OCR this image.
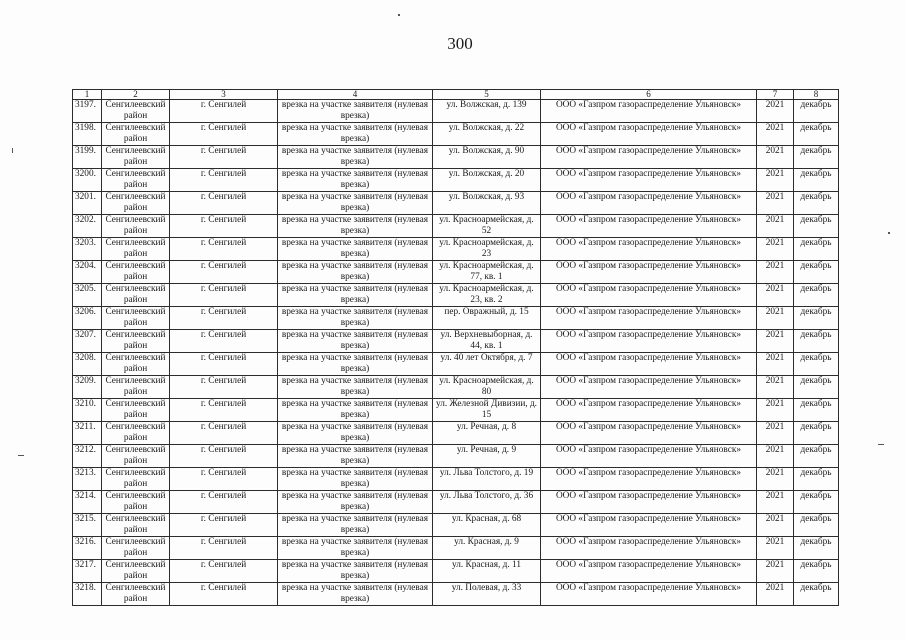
300
1	2	3	4	5	6	7	8
3197.	Сенгилеевский район	г. Сенгилей	врезка на участке заявителя (нулевая врезка)	ул. Волжская, д. 139	ООО «Газпром газораспределение Ульяновск»	2021	декабрь
3198.	Сенгилеевский район	г. Сенгилей	врезка на участке заявителя (нулевая врезка)	ул. Волжская, д. 22	ООО «Газпром газораспределение Ульяновск»	2021	декабрь
3199.	Сенгилеевский район	г. Сенгилей	врезка на участке заявителя (нулевая врезка)	ул. Волжская, д. 90	ООО «Газпром газораспределение Ульяновск»	2021	декабрь
3200.	Сенгилеевский район	г. Сенгилей	врезка на участке заявителя (нулевая врезка)	ул. Волжская, д. 20	ООО «Газпром газораспределение Ульяновск»	2021	декабрь
3201.	Сенгилеевский район	г. Сенгилей	врезка на участке заявителя (нулевая врезка)	ул. Волжская, д. 93	ООО «Газпром газораспределение Ульяновск»	2021	декабрь
3202.	Сенгилеевский район	г. Сенгилей	врезка на участке заявителя (нулевая врезка)	ул. Красноармейская, д. 52	ООО «Газпром газораспределение Ульяновск»	2021	декабрь
3203.	Сенгилеевский район	г. Сенгилей	врезка на участке заявителя (нулевая врезка)	ул. Красноармейская, д. 23	ООО «Газпром газораспределение Ульяновск»	2021	декабрь
3204.	Сенгилеевский район	г. Сенгилей	врезка на участке заявителя (нулевая врезка)	ул. Красноармейская, д. 77, кв. 1	ООО «Газпром газораспределение Ульяновск»	2021	декабрь
3205.	Сенгилеевский район	г. Сенгилей	врезка на участке заявителя (нулевая врезка)	ул. Красноармейская, д. 23, кв. 2	ООО «Газпром газораспределение Ульяновск»	2021	декабрь
3206.	Сенгилеевский район	г. Сенгилей	врезка на участке заявителя (нулевая врезка)	пер. Овражный, д. 15	ООО «Газпром газораспределение Ульяновск»	2021	декабрь
3207.	Сенгилеевский район	г. Сенгилей	врезка на участке заявителя (нулевая врезка)	ул. Верхневыборная, д. 44, кв. 1	ООО «Газпром газораспределение Ульяновск»	2021	декабрь
3208.	Сенгилеевский район	г. Сенгилей	врезка на участке заявителя (нулевая врезка)	ул. 40 лет Октября, д. 7	ООО «Газпром газораспределение Ульяновск»	2021	декабрь
3209.	Сенгилеевский район	г. Сенгилей	врезка на участке заявителя (нулевая врезка)	ул. Красноармейская, д. 80	ООО «Газпром газораспределение Ульяновск»	2021	декабрь
3210.	Сенгилеевский район	г. Сенгилей	врезка на участке заявителя (нулевая врезка)	ул. Железной Дивизии, д. 15	ООО «Газпром газораспределение Ульяновск»	2021	декабрь
3211.	Сенгилеевский район	г. Сенгилей	врезка на участке заявителя (нулевая врезка)	ул. Речная, д. 8	ООО «Газпром газораспределение Ульяновск»	2021	декабрь
3212.	Сенгилеевский район	г. Сенгилей	врезка на участке заявителя (нулевая врезка)	ул. Речная, д. 9	ООО «Газпром газораспределение Ульяновск»	2021	декабрь
3213.	Сенгилеевский район	г. Сенгилей	врезка на участке заявителя (нулевая врезка)	ул. Льва Толстого, д. 19	ООО «Газпром газораспределение Ульяновск»	2021	декабрь
3214.	Сенгилеевский район	г. Сенгилей	врезка на участке заявителя (нулевая врезка)	ул. Льва Толстого, д. 36	ООО «Газпром газораспределение Ульяновск»	2021	декабрь
3215.	Сенгилеевский район	г. Сенгилей	врезка на участке заявителя (нулевая врезка)	ул. Красная, д. 68	ООО «Газпром газораспределение Ульяновск»	2021	декабрь
3216.	Сенгилеевский район	г. Сенгилей	врезка на участке заявителя (нулевая врезка)	ул. Красная, д. 9	ООО «Газпром газораспределение Ульяновск»	2021	декабрь
3217.	Сенгилеевский район	г. Сенгилей	врезка на участке заявителя (нулевая врезка)	ул. Красная, д. 11	ООО «Газпром газораспределение Ульяновск»	2021	декабрь
3218.	Сенгилеевский район	г. Сенгилей	врезка на участке заявителя (нулевая врезка)	ул. Полевая, д. 33	ООО «Газпром газораспределение Ульяновск»	2021	декабрь
